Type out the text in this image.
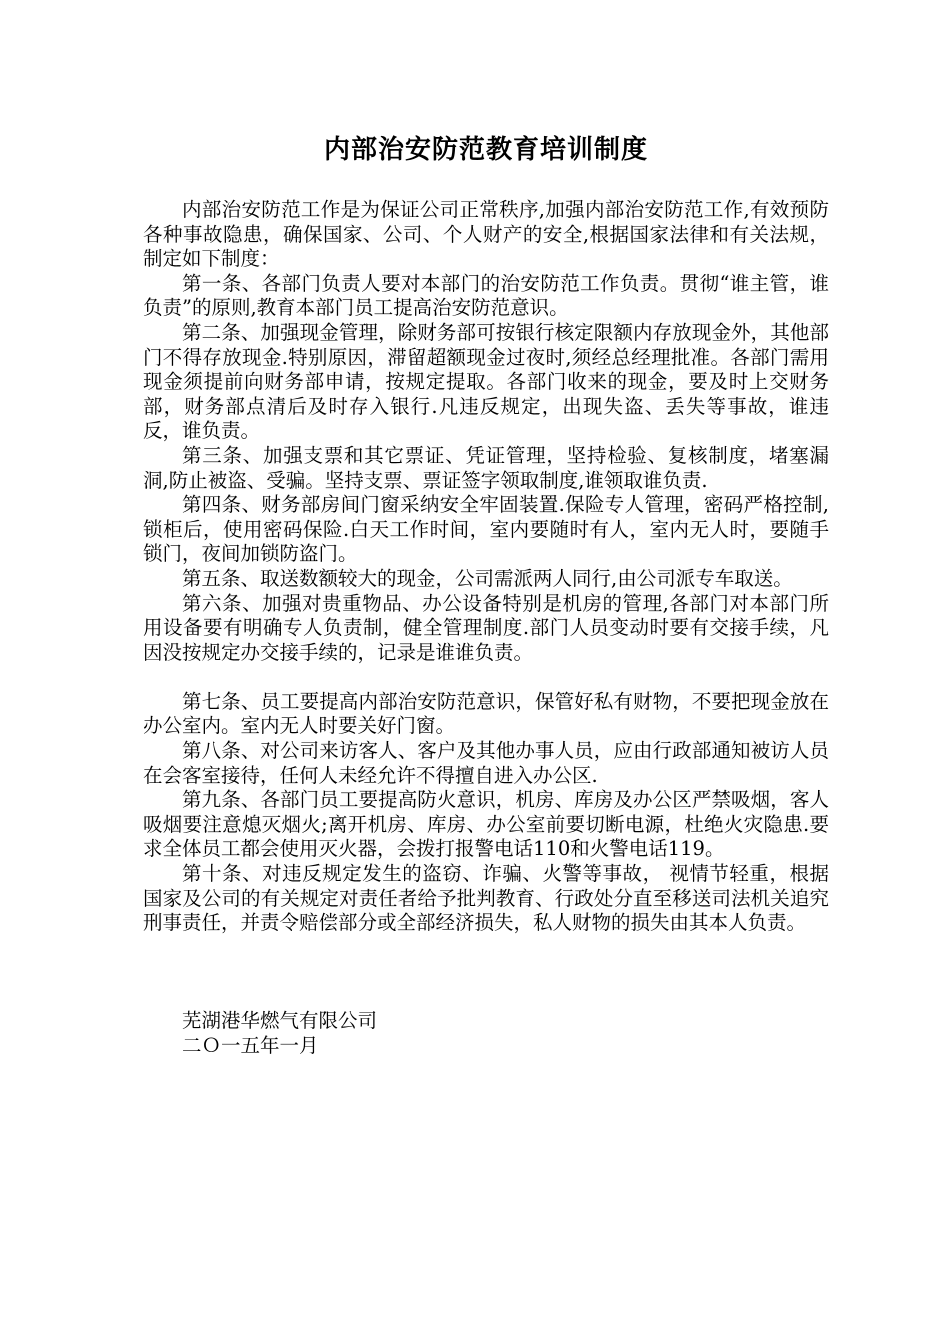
内部治安防范教育培训制度

内部治安防范工作是为保证公司正常秩序,加强内部治安防范工作,有效预防各种事故隐患，确保国家、公司、个人财产的安全,根据国家法律和有关法规，制定如下制度：

第一条、各部门负责人要对本部门的治安防范工作负责。贯彻“谁主管，谁负责”的原则,教育本部门员工提高治安防范意识。

第二条、加强现金管理，除财务部可按银行核定限额内存放现金外，其他部门不得存放现金.特别原因，滞留超额现金过夜时,须经总经理批准。各部门需用现金须提前向财务部申请，按规定提取。各部门收来的现金，要及时上交财务部，财务部点清后及时存入银行.凡违反规定，出现失盗、丢失等事故，谁违反，谁负责。

第三条、加强支票和其它票证、凭证管理，坚持检验、复核制度，堵塞漏洞,防止被盗、受骗。坚持支票、票证签字领取制度,谁领取谁负责.

第四条、财务部房间门窗采纳安全牢固装置.保险专人管理，密码严格控制,锁柜后，使用密码保险.白天工作时间，室内要随时有人，室内无人时，要随手锁门，夜间加锁防盗门。

第五条、取送数额较大的现金，公司需派两人同行,由公司派专车取送。

第六条、加强对贵重物品、办公设备特别是机房的管理,各部门对本部门所用设备要有明确专人负责制，健全管理制度.部门人员变动时要有交接手续，凡因没按规定办交接手续的，记录是谁谁负责。

第七条、员工要提高内部治安防范意识，保管好私有财物，不要把现金放在办公室内。室内无人时要关好门窗。

第八条、对公司来访客人、客户及其他办事人员，应由行政部通知被访人员在会客室接待，任何人未经允许不得擅自进入办公区.

第九条、各部门员工要提高防火意识，机房、库房及办公区严禁吸烟，客人吸烟要注意熄灭烟火;离开机房、库房、办公室前要切断电源，杜绝火灾隐患.要求全体员工都会使用灭火器，会拨打报警电话110和火警电话119。

第十条、对违反规定发生的盗窃、诈骗、火警等事故， 视情节轻重，根据国家及公司的有关规定对责任者给予批判教育、行政处分直至移送司法机关追究刑事责任，并责令赔偿部分或全部经济损失，私人财物的损失由其本人负责。

芜湖港华燃气有限公司
二Ｏ一五年一月
